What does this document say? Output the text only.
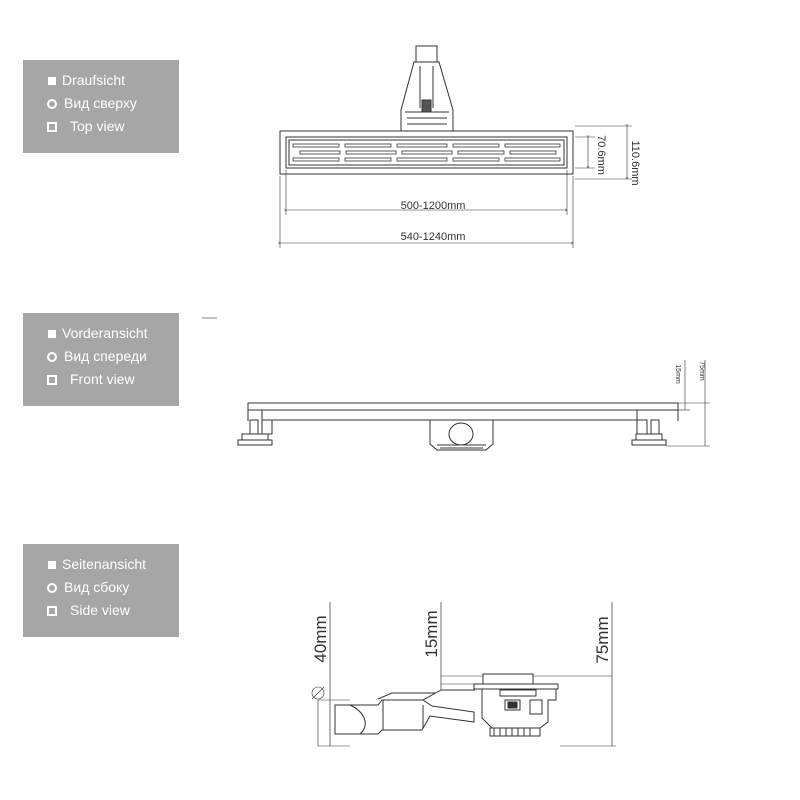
Draufsicht
Вид сверху
Top view
Vorderansicht
Вид спереди
Front view
Seitenansicht
Вид сбоку
Side view
500-1200mm
540-1240mm
70.6mm 110.6mm
15mm 75mm
40mm	15mm	75mm
